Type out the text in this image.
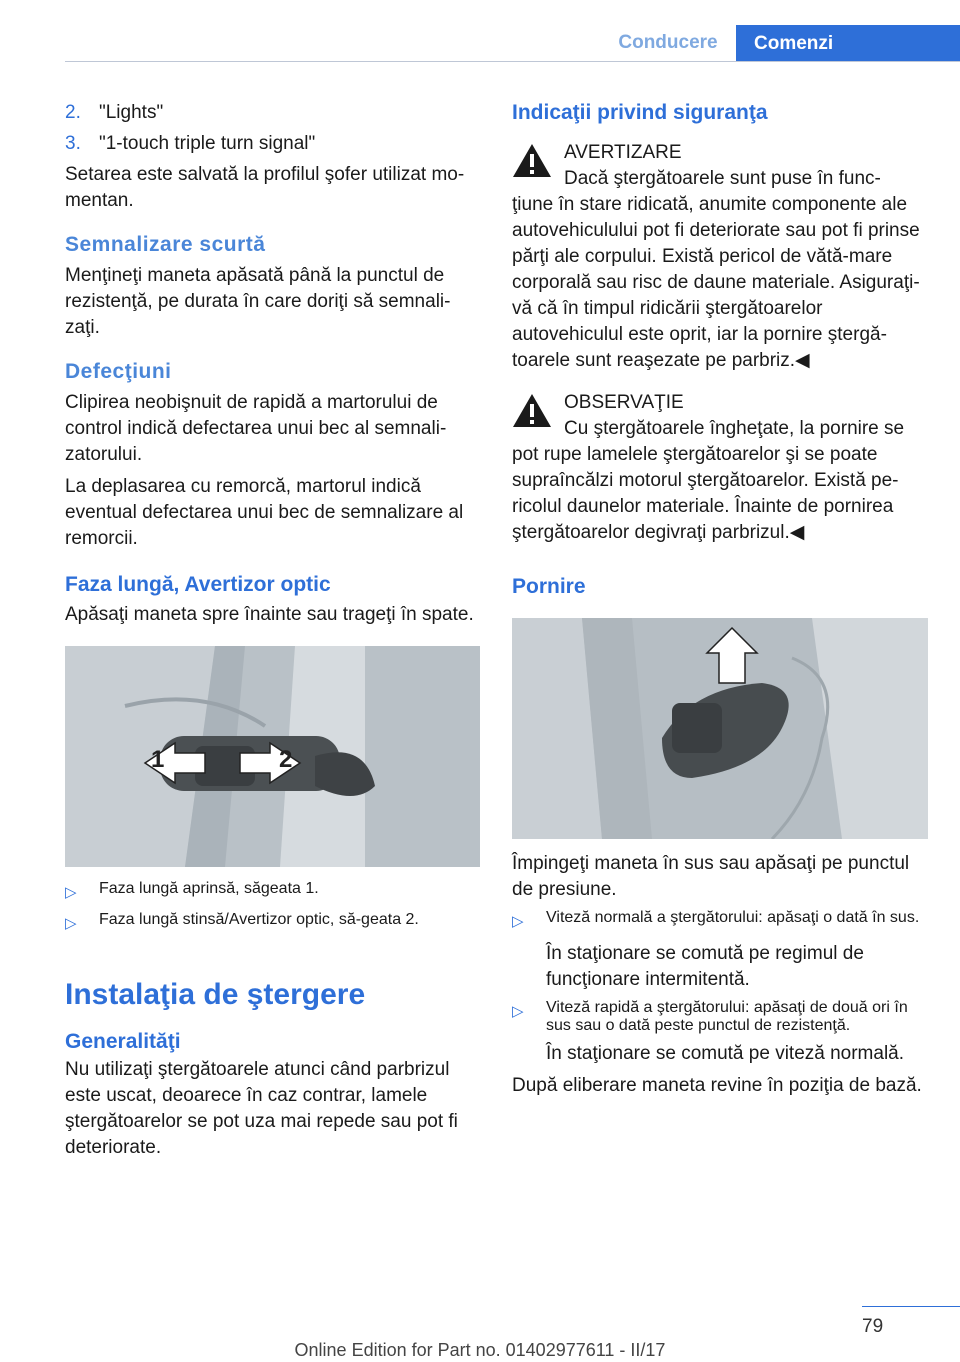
Conducere	Comenzi
2. "Lights"
3. "1-touch triple turn signal"

Setarea este salvată la profilul şofer utilizat mo‐mentan.

Semnalizare scurtă

Menţineţi maneta apăsată până la punctul de rezistenţă, pe durata în care doriţi să semnali‐zaţi.

Defecţiuni

Clipirea neobişnuit de rapidă a martorului de control indică defectarea unui bec al semnali‐zatorului.

La deplasarea cu remorcă, martorul indică eventual defectarea unui bec de semnalizare al remorcii.

Faza lungă, Avertizor optic

Apăsaţi maneta spre înainte sau trageţi în spate.

1	2
▷	Faza lungă aprinsă, săgeata 1.
▷	Faza lungă stinsă/Avertizor optic, să‐geata 2.
Instalaţia de ştergere
Generalităţi

Nu utilizaţi ştergătoarele atunci când parbrizul este uscat, deoarece în caz contrar, lamele ştergătoarelor se pot uza mai repede sau pot fi deteriorate.

Indicaţii privind siguranţa
AVERTIZARE
Dacă ştergătoarele sunt puse în func‐

ţiune în stare ridicată, anumite componente ale autovehiculului pot fi deteriorate sau pot fi prinse părţi ale corpului. Există pericol de vătă‐mare corporală sau risc de daune materiale. Asiguraţi-vă că în timpul ridicării ştergătoarelor autovehiculul este oprit, iar la pornire ştergă‐toarele sunt reaşezate pe parbriz.◀

OBSERVAŢIE
Cu ştergătoarele îngheţate, la pornire se

pot rupe lamelele ştergătoarelor şi se poate supraîncălzi motorul ştergătoarelor. Există pe‐ricolul daunelor materiale. Înainte de pornirea ştergătoarelor degivraţi parbrizul.◀

Pornire

Împingeţi maneta în sus sau apăsaţi pe punctul de presiune.

▷	Viteză normală a ştergătorului: apăsaţi o dată în sus.

În staţionare se comută pe regimul de funcţionare intermitentă.

▷	Viteză rapidă a ştergătorului: apăsaţi de două ori în sus sau o dată peste punctul de rezistenţă.

În staţionare se comută pe viteză normală.

După eliberare maneta revine în poziţia de bază.

79
Online Edition for Part no. 01402977611 - II/17
